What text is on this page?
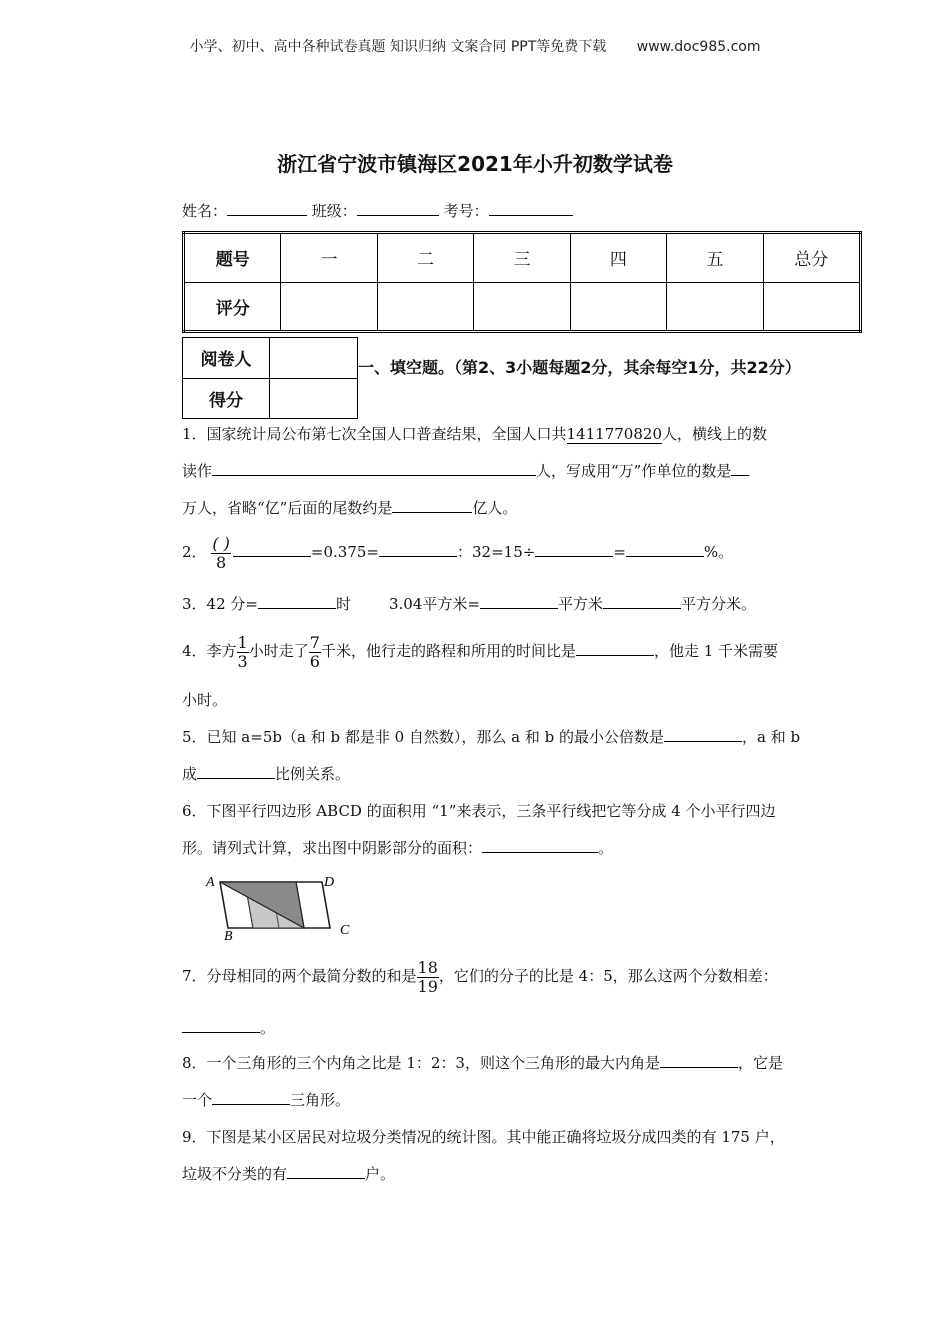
小学、初中、高中各种试卷真题 知识归纳 文案合同 PPT等免费下载 www.doc985.com
浙江省宁波市镇海区2021年小升初数学试卷
姓名：	班级：	考号：
题号	一	二	三	四	五	总分
评分						
阅卷人	
得分	
一、填空题。（第2、3小题每题2分，其余每空1分，共22分）
1．国家统计局公布第七次全国人口普查结果，全国人口共1411770820人，横线上的数
读作	人，写成用“万”作单位的数是
万人，省略“亿”后面的尾数约是	亿人。
2． $\frac{( )}{8}$	=0.375=	：32=15÷	=	%。
3．42 分=	时	3.04平方米=	平方米	平方分米。
4．李方 $\frac{1}{3}$ 小时走了 $\frac{7}{6}$ 千米，他行走的路程和所用的时间比是	，他走 1 千米需要
小时。
5．已知 a=5b（a 和 b 都是非 0 自然数），那么 a 和 b 的最小公倍数是	，a 和 b
成	比例关系。
6．下图平行四边形 ABCD 的面积用 “1”来表示，三条平行线把它等分成 4 个小平行四边
形。请列式计算，求出图中阴影部分的面积：	。
A
B	C
D
7．分母相同的两个最简分数的和是 $\frac{18}{19}$ ，它们的分子的比是 4：5，那么这两个分数相差：
。
8．一个三角形的三个内角之比是 1：2：3，则这个三角形的最大内角是	，它是
一个	三角形。
9．下图是某小区居民对垃圾分类情况的统计图。其中能正确将垃圾分成四类的有 175 户，
垃圾不分类的有	户。
